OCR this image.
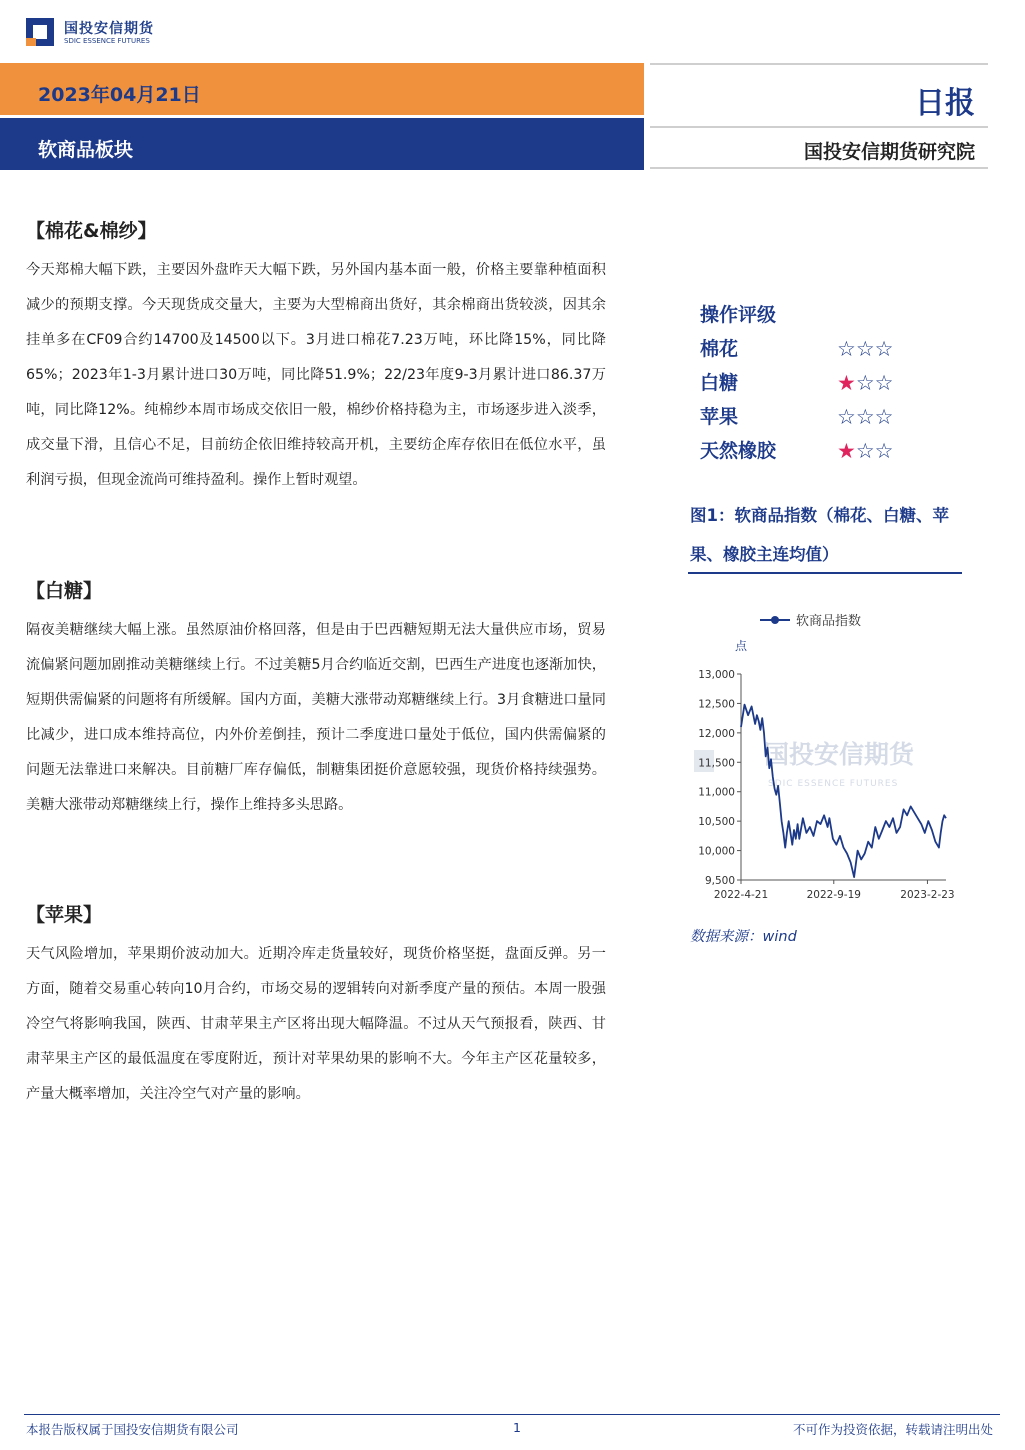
国投安信期货
SDIC ESSENCE FUTURES
2023年04月21日
软商品板块
日报
国投安信期货研究院
【棉花&棉纱】
今天郑棉大幅下跌，主要因外盘昨天大幅下跌，另外国内基本面一般，价格主要靠种植面积减少的预期支撑。今天现货成交量大，主要为大型棉商出货好，其余棉商出货较淡，因其余挂单多在CF09合约14700及14500以下。3月进口棉花7.23万吨，环比降15%，同比降65%；2023年1-3月累计进口30万吨，同比降51.9%；22/23年度9-3月累计进口86.37万吨，同比降12%。纯棉纱本周市场成交依旧一般，棉纱价格持稳为主，市场逐步进入淡季，成交量下滑，且信心不足，目前纺企依旧维持较高开机，主要纺企库存依旧在低位水平，虽利润亏损，但现金流尚可维持盈利。操作上暂时观望。
【白糖】
隔夜美糖继续大幅上涨。虽然原油价格回落，但是由于巴西糖短期无法大量供应市场，贸易流偏紧问题加剧推动美糖继续上行。不过美糖5月合约临近交割，巴西生产进度也逐渐加快，短期供需偏紧的问题将有所缓解。国内方面，美糖大涨带动郑糖继续上行。3月食糖进口量同比减少，进口成本维持高位，内外价差倒挂，预计二季度进口量处于低位，国内供需偏紧的问题无法靠进口来解决。目前糖厂库存偏低，制糖集团挺价意愿较强，现货价格持续强势。美糖大涨带动郑糖继续上行，操作上维持多头思路。
【苹果】
天气风险增加，苹果期价波动加大。近期冷库走货量较好，现货价格坚挺，盘面反弹。另一方面，随着交易重心转向10月合约，市场交易的逻辑转向对新季度产量的预估。本周一股强冷空气将影响我国，陕西、甘肃苹果主产区将出现大幅降温。不过从天气预报看，陕西、甘肃苹果主产区的最低温度在零度附近，预计对苹果幼果的影响不大。今年主产区花量较多，产量大概率增加，关注冷空气对产量的影响。
操作评级
棉花	☆☆☆
白糖	★☆☆
苹果	☆☆☆
天然橡胶	★☆☆
图1：软商品指数（棉花、白糖、苹果、橡胶主连均值）
国投安信期货
SDIC ESSENCE FUTURES
软商品指数
点
13,000
12,500
12,000
11,500
11,000
10,500
10,000
9,500
2022-4-21	2022-9-19	2023-2-23
数据来源：wind
本报告版权属于国投安信期货有限公司	1	不可作为投资依据，转载请注明出处
